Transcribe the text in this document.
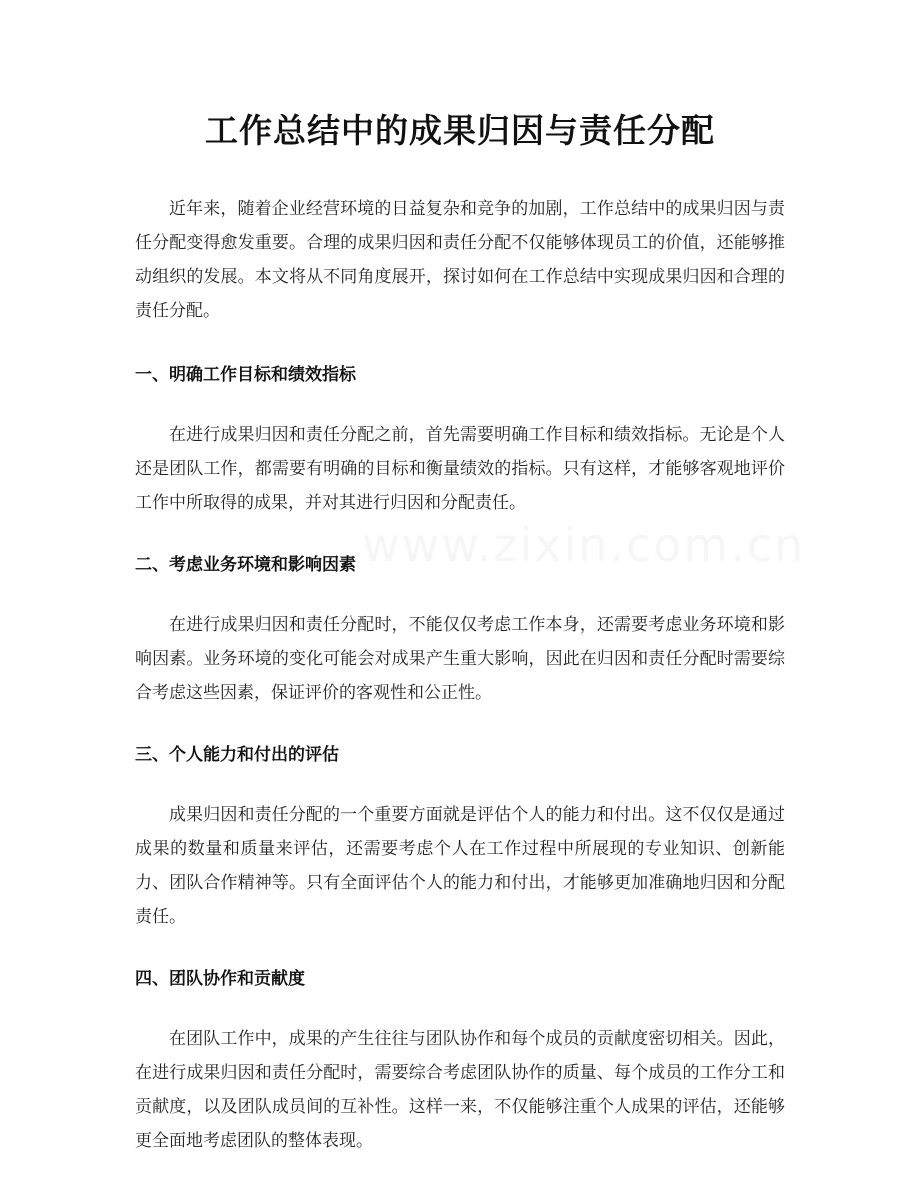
工作总结中的成果归因与责任分配

近年来，随着企业经营环境的日益复杂和竞争的加剧，工作总结中的成果归因与责任分配变得愈发重要。合理的成果归因和责任分配不仅能够体现员工的价值，还能够推动组织的发展。本文将从不同角度展开，探讨如何在工作总结中实现成果归因和合理的责任分配。

一、明确工作目标和绩效指标

在进行成果归因和责任分配之前，首先需要明确工作目标和绩效指标。无论是个人还是团队工作，都需要有明确的目标和衡量绩效的指标。只有这样，才能够客观地评价工作中所取得的成果，并对其进行归因和分配责任。

二、考虑业务环境和影响因素

在进行成果归因和责任分配时，不能仅仅考虑工作本身，还需要考虑业务环境和影响因素。业务环境的变化可能会对成果产生重大影响，因此在归因和责任分配时需要综合考虑这些因素，保证评价的客观性和公正性。

三、个人能力和付出的评估

成果归因和责任分配的一个重要方面就是评估个人的能力和付出。这不仅仅是通过成果的数量和质量来评估，还需要考虑个人在工作过程中所展现的专业知识、创新能力、团队合作精神等。只有全面评估个人的能力和付出，才能够更加准确地归因和分配责任。

四、团队协作和贡献度

在团队工作中，成果的产生往往与团队协作和每个成员的贡献度密切相关。因此，在进行成果归因和责任分配时，需要综合考虑团队协作的质量、每个成员的工作分工和贡献度，以及团队成员间的互补性。这样一来，不仅能够注重个人成果的评估，还能够更全面地考虑团队的整体表现。

www.zixin.com.cn
